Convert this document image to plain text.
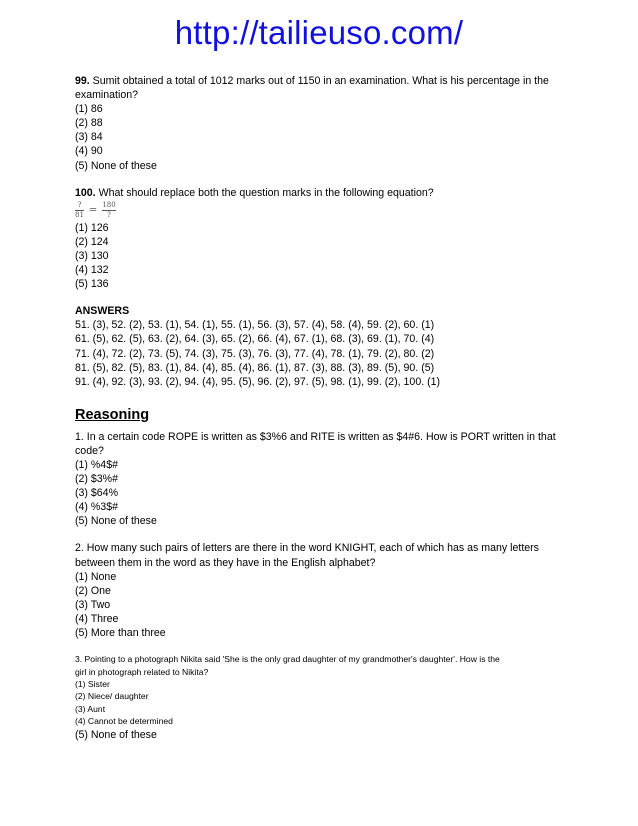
http://tailieuso.com/
99. Sumit obtained a total of 1012 marks out of 1150 in an examination. What is his percentage in the
examination?
(1) 86
(2) 88
(3) 84
(4) 90
(5) None of these
100. What should replace both the question marks in the following equation?
$\frac{?}{81} = \frac{180}{?}$
(1) 126
(2) 124
(3) 130
(4) 132
(5) 136
ANSWERS
51. (3), 52. (2), 53. (1), 54. (1), 55. (1), 56. (3), 57. (4), 58. (4), 59. (2), 60. (1)
61. (5), 62. (5), 63. (2), 64. (3), 65. (2), 66. (4), 67. (1), 68. (3), 69. (1), 70. (4)
71. (4), 72. (2), 73. (5), 74. (3), 75. (3), 76. (3), 77. (4), 78. (1), 79. (2), 80. (2)
81. (5), 82. (5), 83. (1), 84. (4), 85. (4), 86. (1), 87. (3), 88. (3), 89. (5), 90. (5)
91. (4), 92. (3), 93. (2), 94. (4), 95. (5), 96. (2), 97. (5), 98. (1), 99. (2), 100. (1)
Reasoning
1. In a certain code ROPE is written as $3%6 and RITE is written as $4#6. How is PORT written in that
code?
(1) %4$#
(2) $3%#
(3) $64%
(4) %3$#
(5) None of these
2. How many such pairs of letters are there in the word KNIGHT, each of which has as many letters
between them in the word as they have in the English alphabet?
(1) None
(2) One
(3) Two
(4) Three
(5) More than three
3. Pointing to a photograph Nikita said 'She is the only grad daughter of my grandmother's daughter'. How is the
girl in photograph related to Nikita?
(1) Sister
(2) Niece/ daughter
(3) Aunt
(4) Cannot be determined
(5) None of these
